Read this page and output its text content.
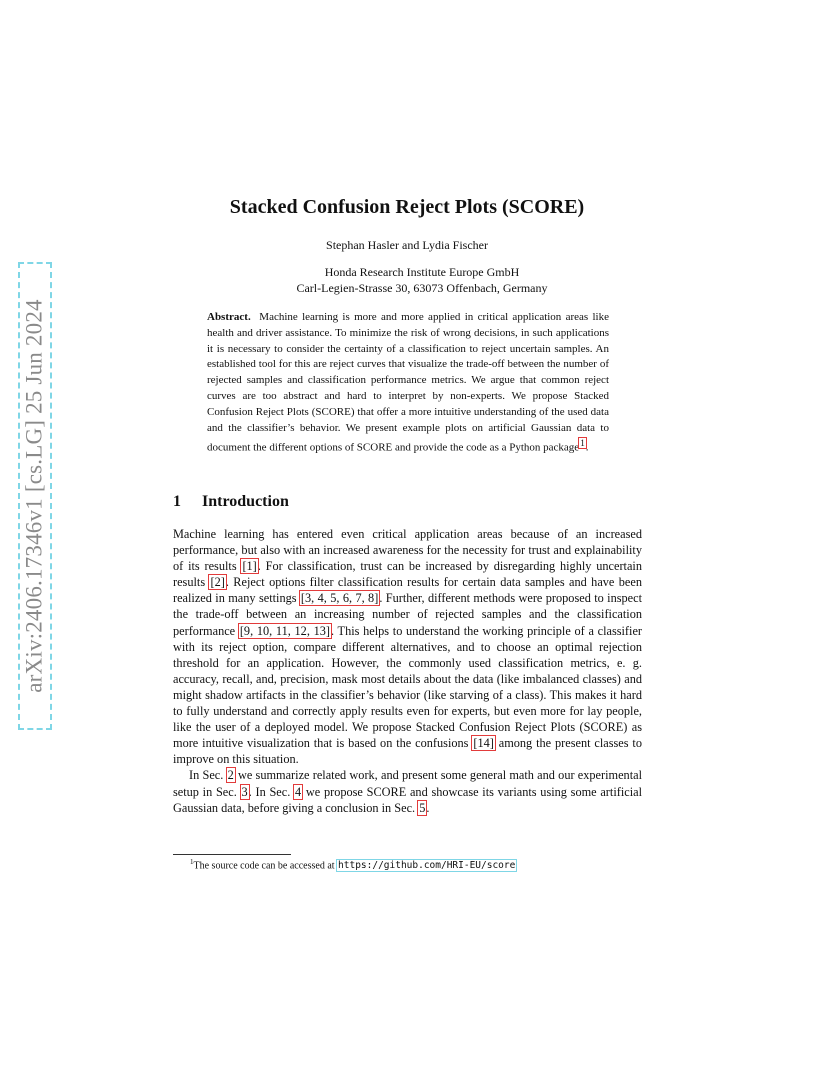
arXiv:2406.17346v1 [cs.LG] 25 Jun 2024
Stacked Confusion Reject Plots (SCORE)
Stephan Hasler and Lydia Fischer
Honda Research Institute Europe GmbH
Carl-Legien-Strasse 30, 63073 Offenbach, Germany
Abstract. Machine learning is more and more applied in critical application areas like health and driver assistance. To minimize the risk of wrong decisions, in such applications it is necessary to consider the certainty of a classification to reject uncertain samples. An established tool for this are reject curves that visualize the trade-off between the number of rejected samples and classification performance metrics. We argue that common reject curves are too abstract and hard to interpret by non-experts. We propose Stacked Confusion Reject Plots (SCORE) that offer a more intuitive understanding of the used data and the classifier’s behavior. We present example plots on artificial Gaussian data to document the different options of SCORE and provide the code as a Python package$^1$.
1 Introduction

Machine learning has entered even critical application areas because of an increased performance, but also with an increased awareness for the necessity for trust and explainability of its results [1]. For classification, trust can be increased by disregarding highly uncertain results [2]. Reject options filter classification results for certain data samples and have been realized in many settings [3, 4, 5, 6, 7, 8]. Further, different methods were proposed to inspect the trade-off between an increasing number of rejected samples and the classification performance [9, 10, 11, 12, 13]. This helps to understand the working principle of a classifier with its reject option, compare different alternatives, and to choose an optimal rejection threshold for an application. However, the commonly used classification metrics, e. g. accuracy, recall, and, precision, mask most details about the data (like imbalanced classes) and might shadow artifacts in the classifier’s behavior (like starving of a class). This makes it hard to fully understand and correctly apply results even for experts, but even more for lay people, like the user of a deployed model. We propose Stacked Confusion Reject Plots (SCORE) as more intuitive visualization that is based on the confusions [14] among the present classes to improve on this situation.

In Sec. 2 we summarize related work, and present some general math and our experimental setup in Sec. 3. In Sec. 4 we propose SCORE and showcase its variants using some artificial Gaussian data, before giving a conclusion in Sec. 5.

$^1$The source code can be accessed at https://github.com/HRI-EU/score
